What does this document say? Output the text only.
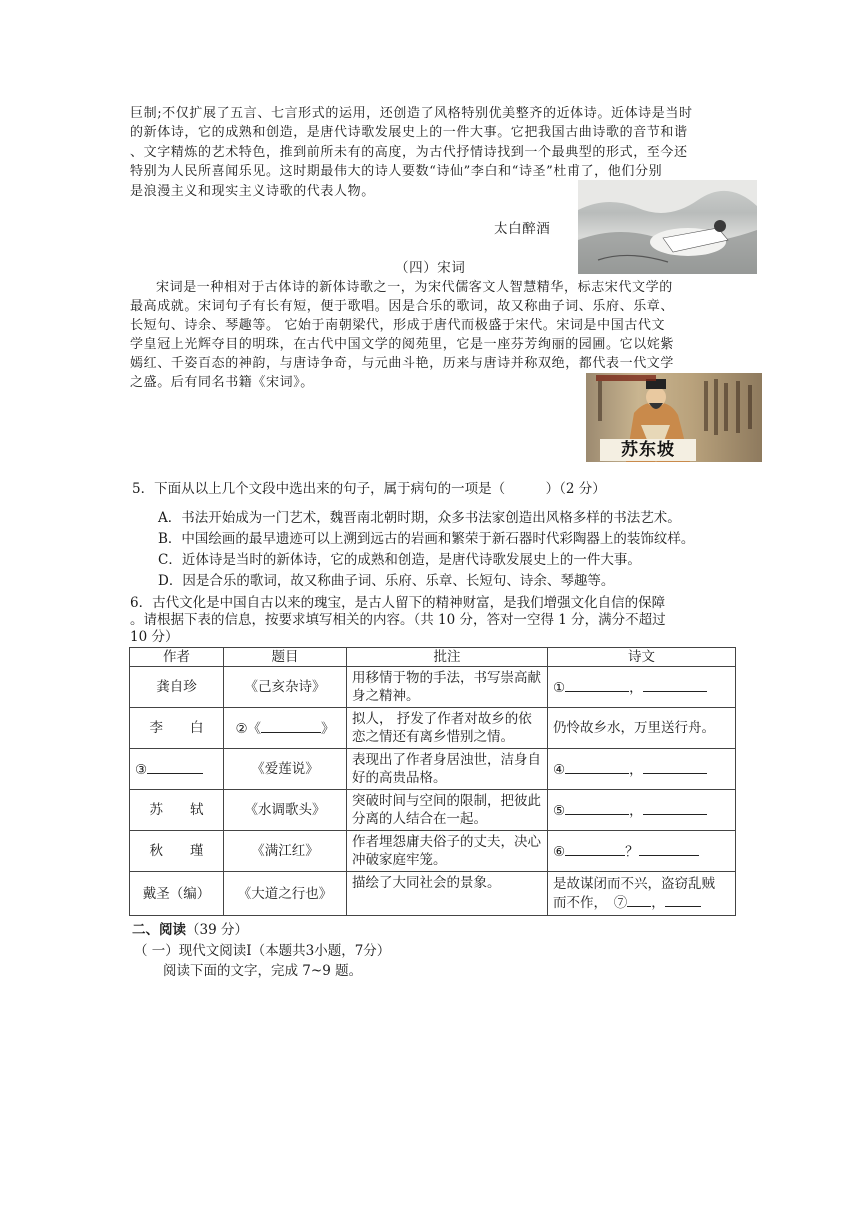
巨制;不仅扩展了五言、七言形式的运用，还创造了风格特别优美整齐的近体诗。近体诗是当时
的新体诗，它的成熟和创造，是唐代诗歌发展史上的一件大事。它把我国古曲诗歌的音节和谐
、文字精炼的艺术特色，推到前所未有的高度，为古代抒情诗找到一个最典型的形式，至今还
特别为人民所喜闻乐见。这时期最伟大的诗人要数“诗仙”李白和“诗圣”杜甫了，他们分别
是浪漫主义和现实主义诗歌的代表人物。
太白醉酒
（四）宋词
宋词是一种相对于古体诗的新体诗歌之一，为宋代儒客文人智慧精华，标志宋代文学的
最高成就。宋词句子有长有短，便于歌唱。因是合乐的歌词，故又称曲子词、乐府、乐章、
长短句、诗余、琴趣等。 它始于南朝梁代，形成于唐代而极盛于宋代。宋词是中国古代文
学皇冠上光辉夺目的明珠，在古代中国文学的阅苑里，它是一座芬芳绚丽的园圃。它以姹紫
嫣红、千姿百态的神韵，与唐诗争奇，与元曲斗艳，历来与唐诗并称双绝，都代表一代文学
之盛。后有同名书籍《宋词》。
苏东坡
5．下面从以上几个文段中选出来的句子，属于病句的一项是（　　　）（2 分）
A．书法开始成为一门艺术，魏晋南北朝时期，众多书法家创造出风格多样的书法艺术。
B．中国绘画的最早遗迹可以上溯到远古的岩画和繁荣于新石器时代彩陶器上的装饰纹样。
C．近体诗是当时的新体诗，它的成熟和创造，是唐代诗歌发展史上的一件大事。
D．因是合乐的歌词，故又称曲子词、乐府、乐章、长短句、诗余、琴趣等。
6．古代文化是中国自古以来的瑰宝，是古人留下的精神财富，是我们增强文化自信的保障
。请根据下表的信息，按要求填写相关的内容。（共 10 分，答对一空得 1 分，满分不超过
10 分）
作者	题目	批注	诗文
龚自珍	《己亥杂诗》	用移情于物的手法，书写崇高献身之精神。	① ，
李　　白	②《 》	拟人， 抒发了作者对故乡的依恋之情还有离乡惜别之情。	仍怜故乡水，万里送行舟。
③	《爱莲说》	表现出了作者身居浊世，洁身自好的高贵品格。	④ ，
苏　　轼	《水调歌头》	突破时间与空间的限制，把彼此分离的人结合在一起。	⑤ ，
秋　　瑾	《满江红》	作者埋怨庸夫俗子的丈夫，决心冲破家庭牢笼。	⑥ ？
戴圣（编）	《大道之行也》	描绘了大同社会的景象。	是故谋闭而不兴，盗窃乱贼
而不作，　⑦ ，
二、阅读（39 分）
（ 一）现代文阅读Ⅰ（本题共3小题，7分）
阅读下面的文字，完成 7~9 题。
